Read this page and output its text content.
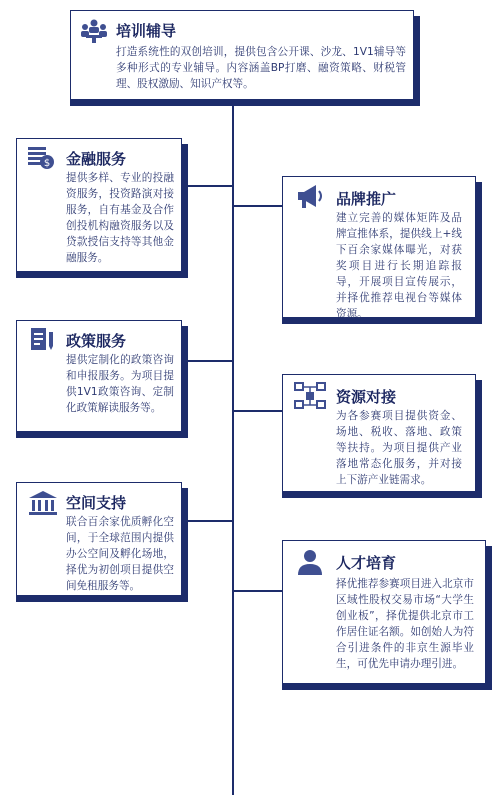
培训辅导
打造系统性的双创培训，提供包含公开课、沙龙、1V1辅导等多种形式的专业辅导。内容涵盖BP打磨、融资策略、财税管理、股权激励、知识产权等。
$ 金融服务
提供多样、专业的投融资服务，投资路演对接服务，自有基金及合作创投机构融资服务以及贷款授信支持等其他金融服务。
品牌推广
建立完善的媒体矩阵及品牌宣推体系，提供线上+线下百余家媒体曝光，对获奖项目进行长期追踪报导，开展项目宣传展示，并择优推荐电视台等媒体资源。
政策服务
提供定制化的政策咨询和申报服务。为项目提供1V1政策咨询、定制化政策解读服务等。
资源对接
为各参赛项目提供资金、场地、税收、落地、政策等扶持。为项目提供产业落地常态化服务，并对接上下游产业链需求。
空间支持
联合百余家优质孵化空间，于全球范围内提供办公空间及孵化场地，择优为初创项目提供空间免租服务等。
人才培育
择优推荐参赛项目进入北京市区域性股权交易市场“大学生创业板”，择优提供北京市工作居住证名额。如创始人为符合引进条件的非京生源毕业生，可优先申请办理引进。
